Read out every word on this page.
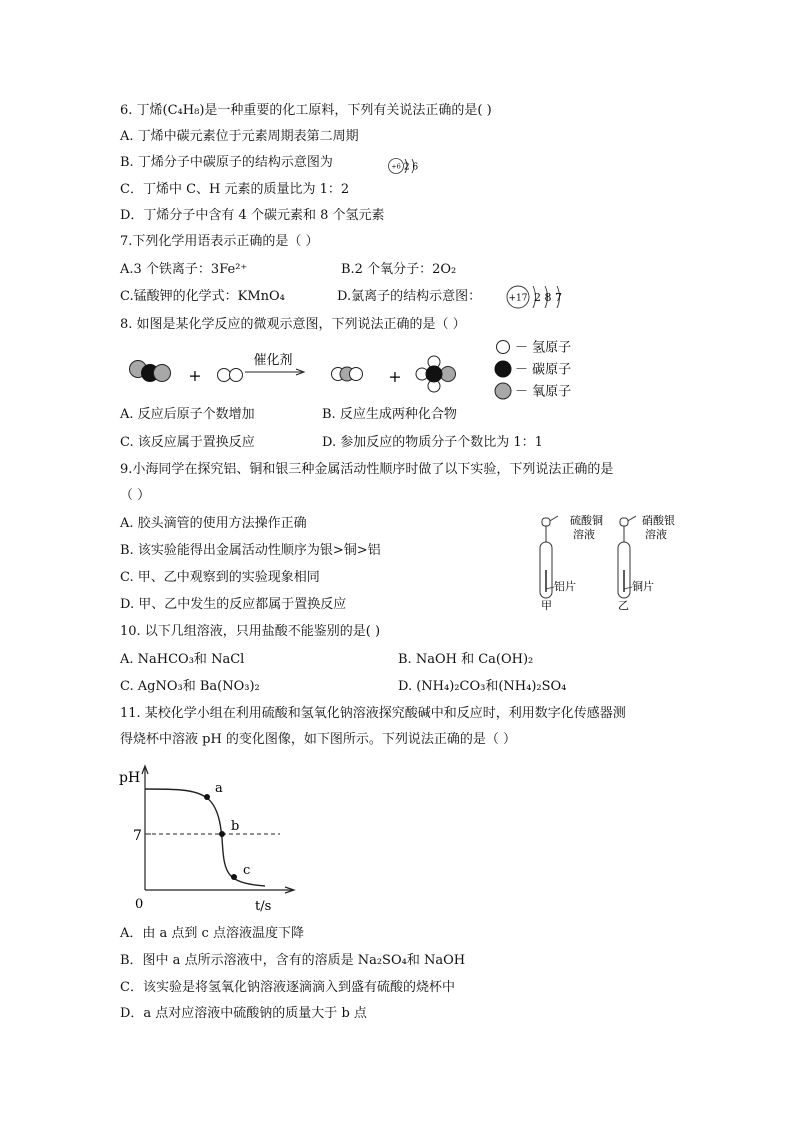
6. 丁烯(C₄H₈)是一种重要的化工原料，下列有关说法正确的是( )
A. 丁烯中碳元素位于元素周期表第二周期
B. 丁烯分子中碳原子的结构示意图为	+6 2 6
C．丁烯中 C、H 元素的质量比为 1：2
D．丁烯分子中含有 4 个碳元素和 8 个氢元素
7.下列化学用语表示正确的是（ ）
A.3 个铁离子：3Fe²⁺	B.2 个氧分子：2O₂
C.锰酸钾的化学式：KMnO₄	D.氯离子的结构示意图：	+17 2 8 7
8. 如图是某化学反应的微观示意图，下列说法正确的是（ ）
+
催化剂
+
－ 氢原子
－ 碳原子
－ 氧原子
A. 反应后原子个数增加	B. 反应生成两种化合物
C. 该反应属于置换反应	D. 参加反应的物质分子个数比为 1：1
9.小海同学在探究铝、铜和银三种金属活动性顺序时做了以下实验，下列说法正确的是
（ ）
A. 胶头滴管的使用方法操作正确
B. 该实验能得出金属活动性顺序为银>铜>铝
C. 甲、乙中观察到的实验现象相同
D. 甲、乙中发生的反应都属于置换反应
硫酸铜
溶液
铝片
甲
硝酸银
溶液
铜片
乙
10. 以下几组溶液，只用盐酸不能鉴别的是( )
A. NaHCO₃和 NaCl	B. NaOH 和 Ca(OH)₂
C. AgNO₃和 Ba(NO₃)₂	D. (NH₄)₂CO₃和(NH₄)₂SO₄
11. 某校化学小组在利用硫酸和氢氧化钠溶液探究酸碱中和反应时，利用数字化传感器测
得烧杯中溶液 pH 的变化图像，如下图所示。下列说法正确的是（ ）
pH
t/s
0
7
a
b
c
A．由 a 点到 c 点溶液温度下降
B．图中 a 点所示溶液中，含有的溶质是 Na₂SO₄和 NaOH
C．该实验是将氢氧化钠溶液逐滴滴入到盛有硫酸的烧杯中
D．a 点对应溶液中硫酸钠的质量大于 b 点
